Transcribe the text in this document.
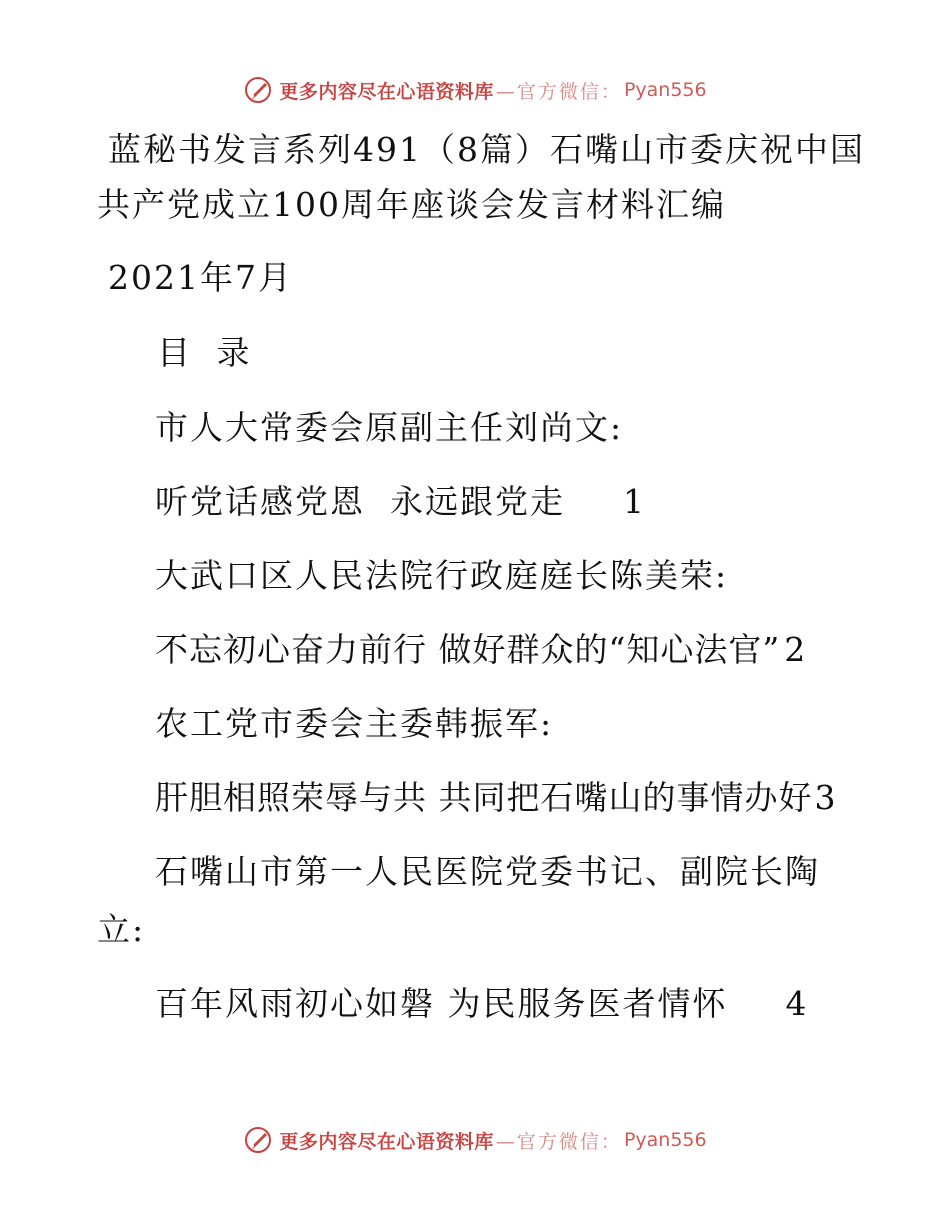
更多内容尽在心语资料库 —官方微信： Pyan556
蓝秘书发言系列491（8篇）石嘴山市委庆祝中国
共产党成立100周年座谈会发言材料汇编
2021年7月
目 录
市人大常委会原副主任刘尚文:
听党话感党恩  永远跟党走 1
大武口区人民法院行政庭庭长陈美荣:
不忘初心奋力前行 做好群众的“知心法官” 2
农工党市委会主委韩振军:
肝胆相照荣辱与共 共同把石嘴山的事情办好 3
石嘴山市第一人民医院党委书记、副院长陶
立:
百年风雨初心如磐 为民服务医者情怀 4
更多内容尽在心语资料库 —官方微信： Pyan556
